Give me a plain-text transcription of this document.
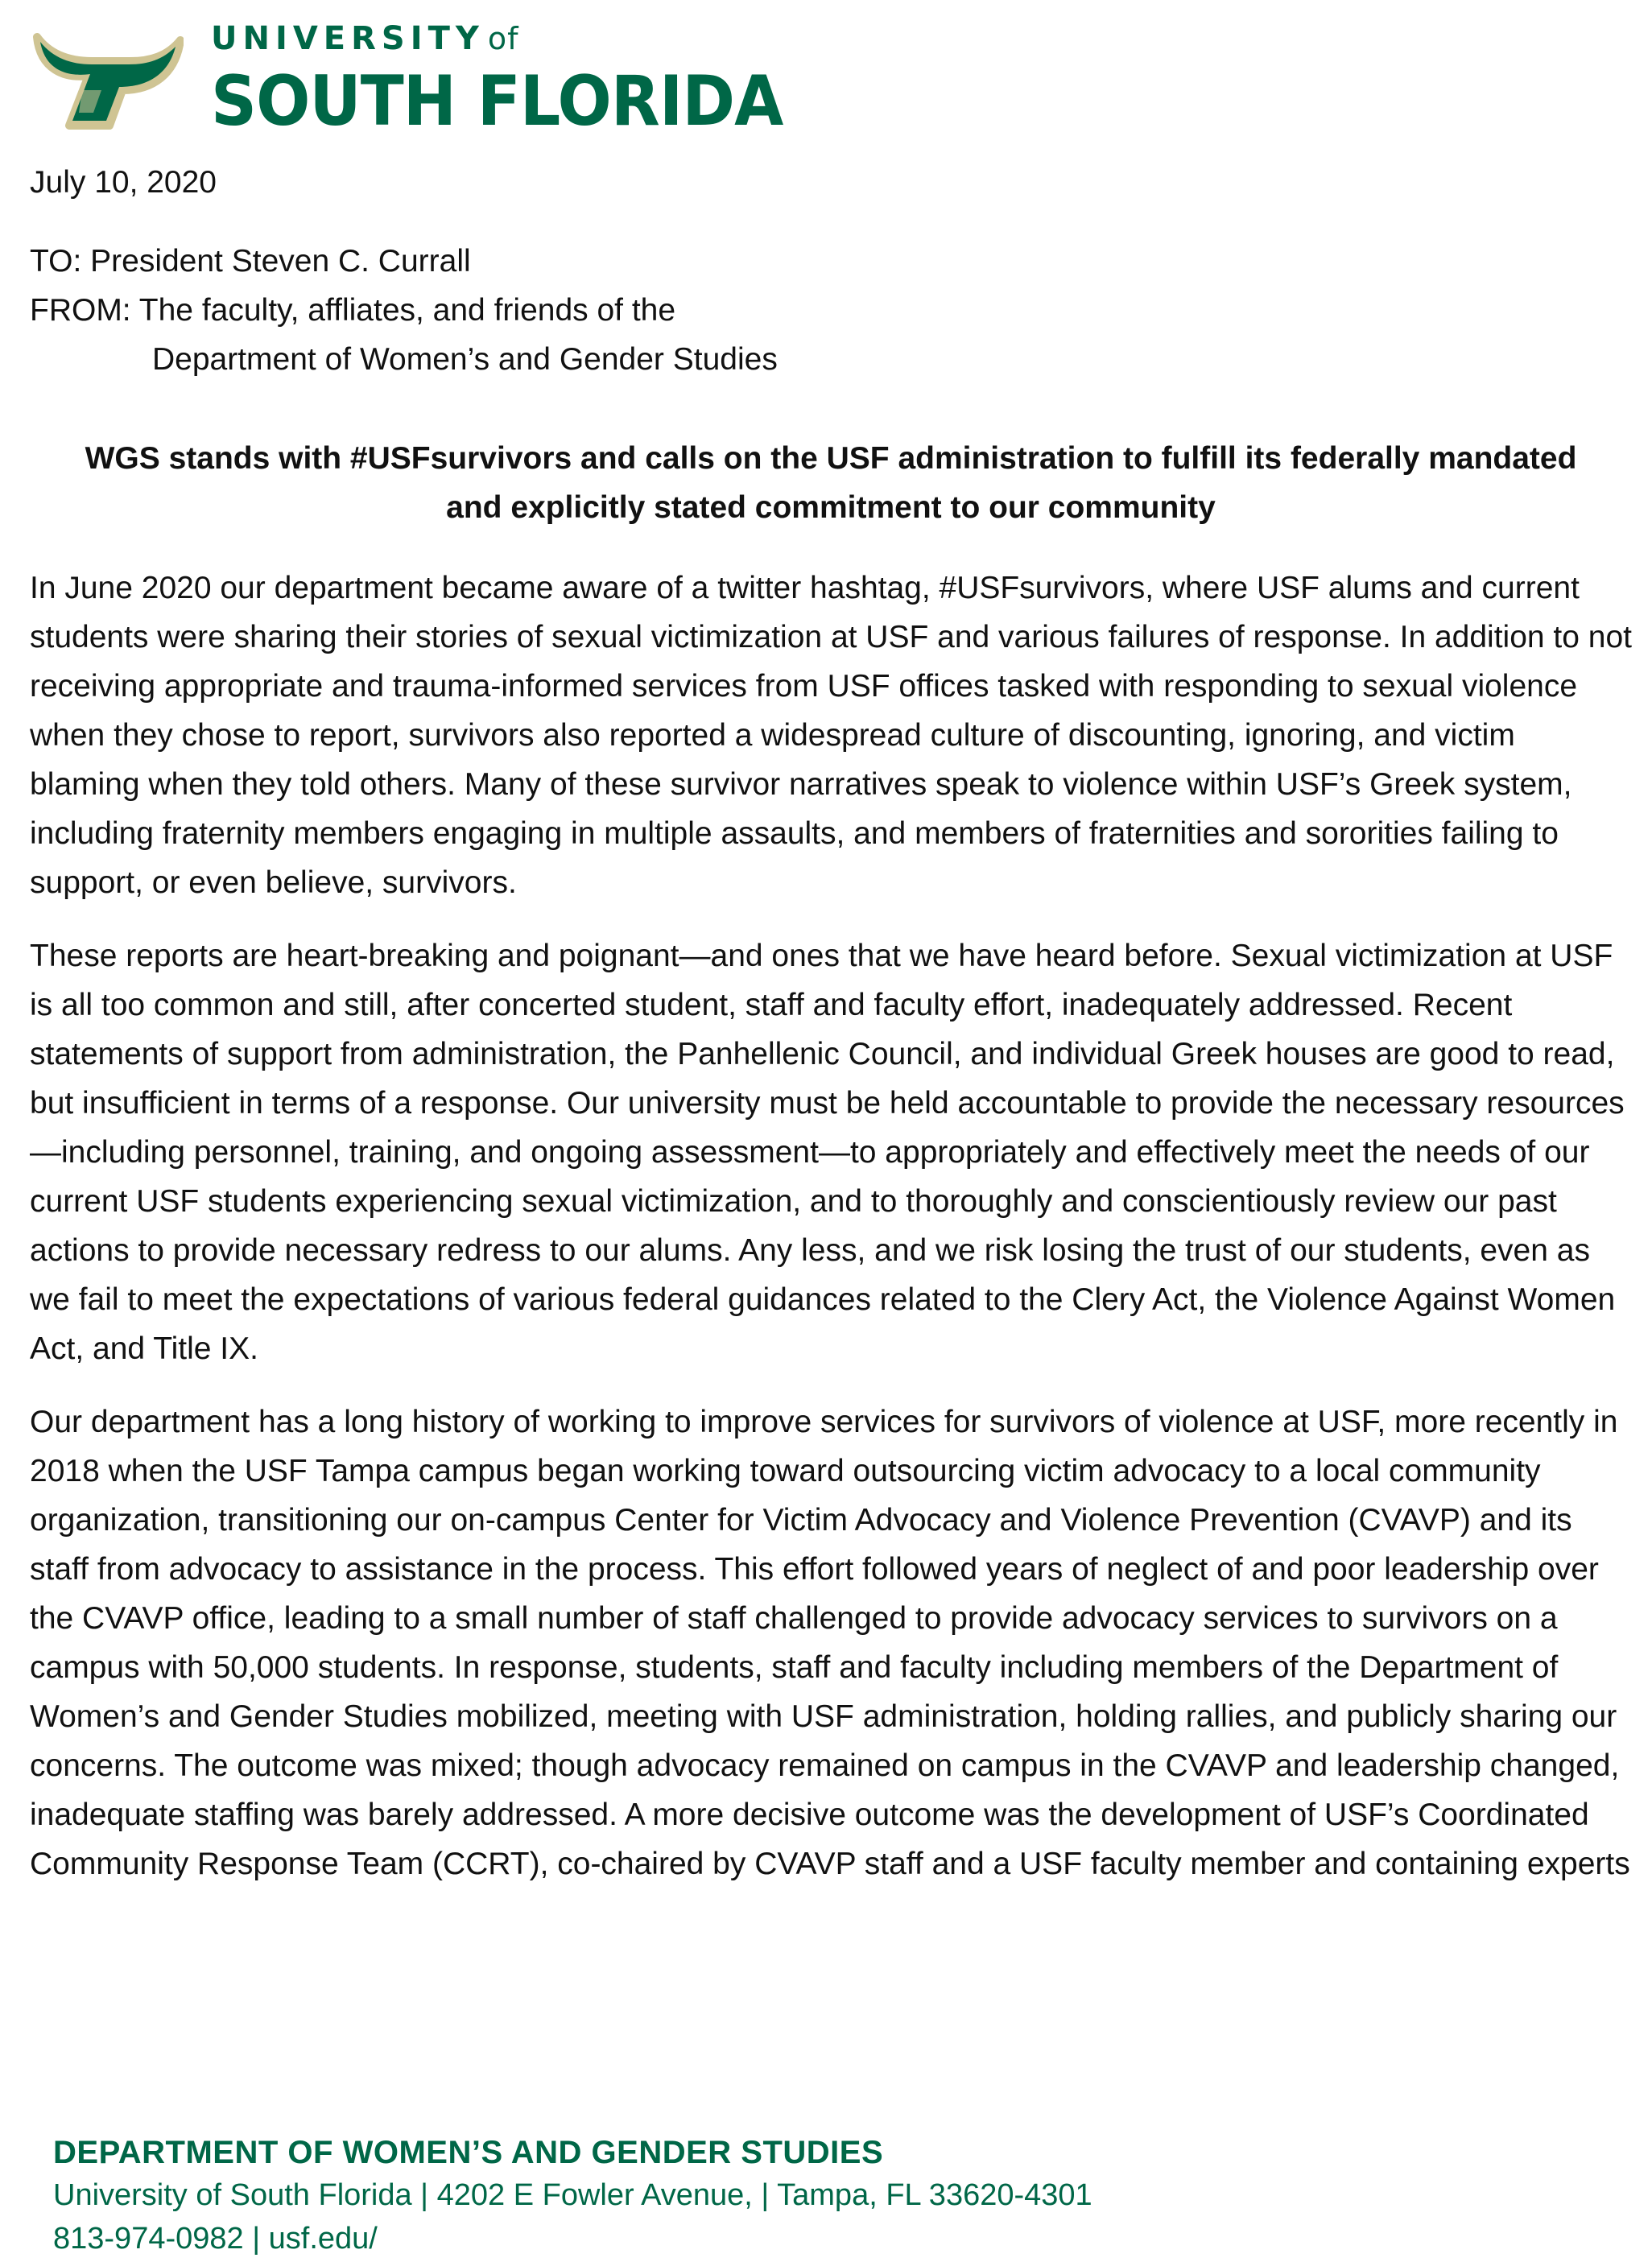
UNIVERSITY of
SOUTH FLORIDA

July 10, 2020

TO: President Steven C. Currall

FROM: The faculty, affliates, and friends of the

Department of Women’s and Gender Studies

WGS stands with #USFsurvivors and calls on the USF administration to fulfill its federally mandated and explicitly stated commitment to our community

In June 2020 our department became aware of a twitter hashtag, #USFsurvivors, where USF alums and current students were sharing their stories of sexual victimization at USF and various failures of response. In addition to not receiving appropriate and trauma-informed services from USF offices tasked with responding to sexual violence when they chose to report, survivors also reported a widespread culture of discounting, ignoring, and victim blaming when they told others. Many of these survivor narratives speak to violence within USF’s Greek system, including fraternity members engaging in multiple assaults, and members of fraternities and sororities failing to support, or even believe, survivors.

These reports are heart-breaking and poignant—and ones that we have heard before. Sexual victimization at USF is all too common and still, after concerted student, staff and faculty effort, inadequately addressed. Recent statements of support from administration, the Panhellenic Council, and individual Greek houses are good to read, but insufficient in terms of a response. Our university must be held accountable to provide the necessary resources—including personnel, training, and ongoing assessment—to appropriately and effectively meet the needs of our current USF students experiencing sexual victimization, and to thoroughly and conscientiously review our past actions to provide necessary redress to our alums. Any less, and we risk losing the trust of our students, even as we fail to meet the expectations of various federal guidances related to the Clery Act, the Violence Against Women Act, and Title IX.

Our department has a long history of working to improve services for survivors of violence at USF, more recently in 2018 when the USF Tampa campus began working toward outsourcing victim advocacy to a local community organization, transitioning our on-campus Center for Victim Advocacy and Violence Prevention (CVAVP) and its staff from advocacy to assistance in the process. This effort followed years of neglect of and poor leadership over the CVAVP office, leading to a small number of staff challenged to provide advocacy services to survivors on a campus with 50,000 students. In response, students, staff and faculty including members of the Department of Women’s and Gender Studies mobilized, meeting with USF administration, holding rallies, and publicly sharing our concerns. The outcome was mixed; though advocacy remained on campus in the CVAVP and leadership changed, inadequate staffing was barely addressed. A more decisive outcome was the development of USF’s Coordinated Community Response Team (CCRT), co-chaired by CVAVP staff and a USF faculty member and containing experts

DEPARTMENT OF WOMEN’S AND GENDER STUDIES
University of South Florida | 4202 E Fowler Avenue, | Tampa, FL 33620-4301
813-974-0982 | usf.edu/
